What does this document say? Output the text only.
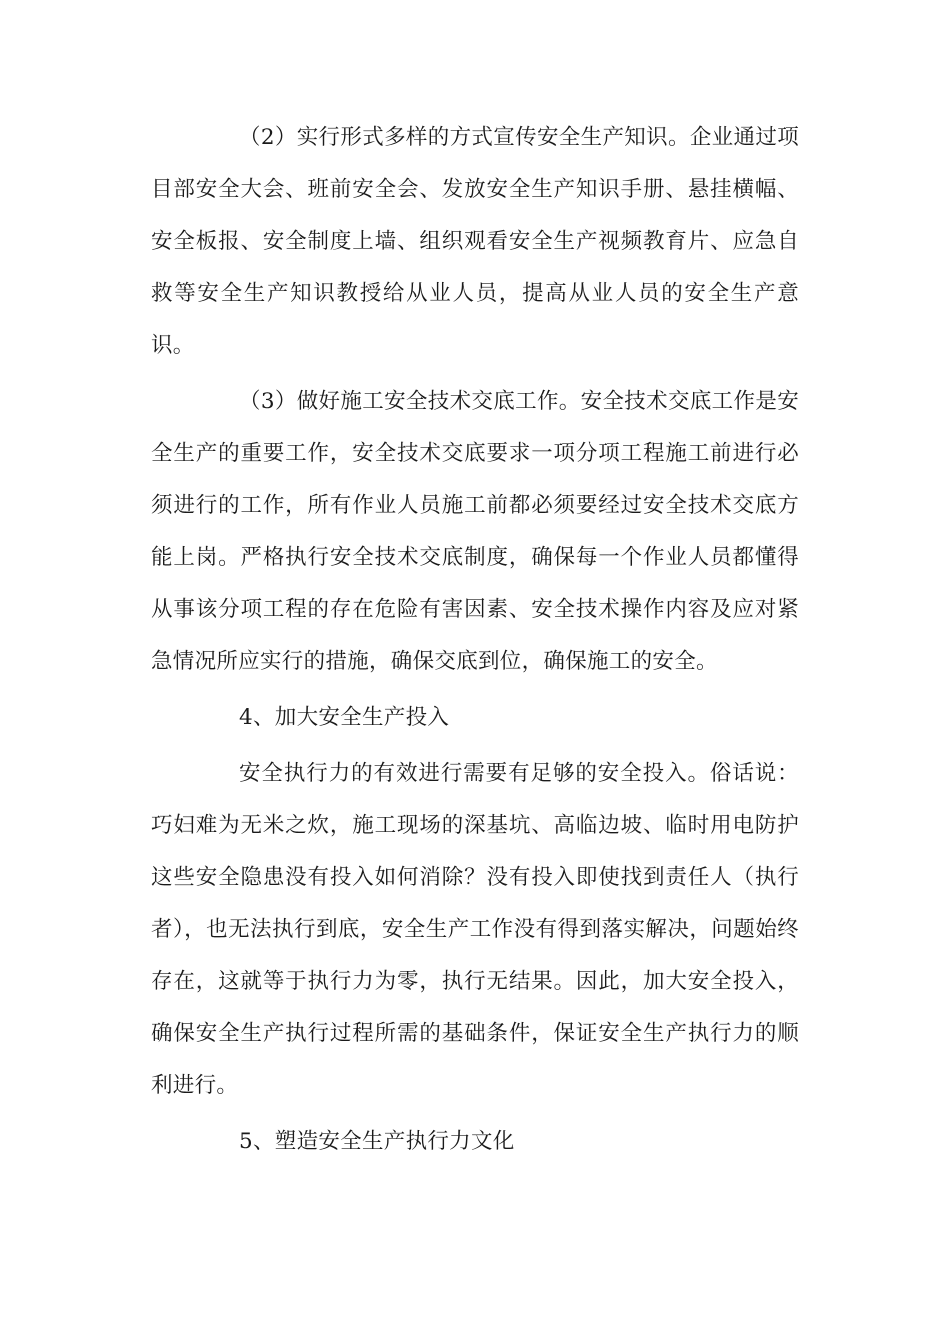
（2）实行形式多样的方式宣传安全生产知识。企业通过项目部安全大会、班前安全会、发放安全生产知识手册、悬挂横幅、安全板报、安全制度上墙、组织观看安全生产视频教育片、应急自救等安全生产知识教授给从业人员，提高从业人员的安全生产意识。

（3）做好施工安全技术交底工作。安全技术交底工作是安全生产的重要工作，安全技术交底要求一项分项工程施工前进行必须进行的工作，所有作业人员施工前都必须要经过安全技术交底方能上岗。严格执行安全技术交底制度，确保每一个作业人员都懂得从事该分项工程的存在危险有害因素、安全技术操作内容及应对紧急情况所应实行的措施，确保交底到位，确保施工的安全。

4、加大安全生产投入

安全执行力的有效进行需要有足够的安全投入。俗话说：巧妇难为无米之炊，施工现场的深基坑、高临边坡、临时用电防护这些安全隐患没有投入如何消除？没有投入即使找到责任人（执行者），也无法执行到底，安全生产工作没有得到落实解决，问题始终存在，这就等于执行力为零，执行无结果。因此，加大安全投入，确保安全生产执行过程所需的基础条件，保证安全生产执行力的顺利进行。

5、塑造安全生产执行力文化
